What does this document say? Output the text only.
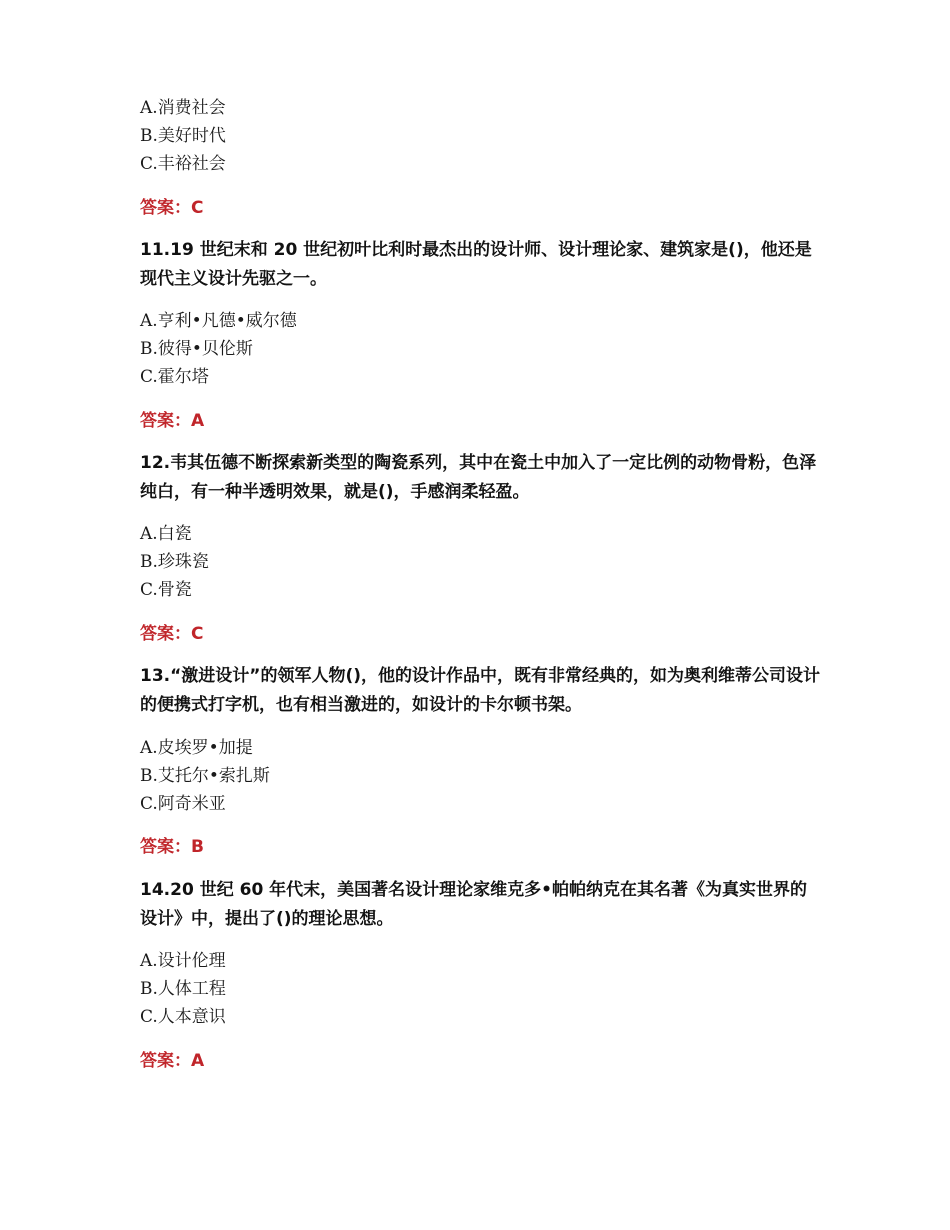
A.消费社会
B.美好时代
C.丰裕社会
答案：C
11.19 世纪末和 20 世纪初叶比利时最杰出的设计师、设计理论家、建筑家是()，他还是现代主义设计先驱之一。
A.亨利•凡德•威尔德
B.彼得•贝伦斯
C.霍尔塔
答案：A
12.韦其伍德不断探索新类型的陶瓷系列，其中在瓷土中加入了一定比例的动物骨粉，色泽纯白，有一种半透明效果，就是()，手感润柔轻盈。
A.白瓷
B.珍珠瓷
C.骨瓷
答案：C
13.“激进设计”的领军人物()，他的设计作品中，既有非常经典的，如为奥利维蒂公司设计的便携式打字机，也有相当激进的，如设计的卡尔顿书架。
A.皮埃罗•加提
B.艾托尔•索扎斯
C.阿奇米亚
答案：B
14.20 世纪 60 年代末，美国著名设计理论家维克多•帕帕纳克在其名著《为真实世界的设计》中，提出了()的理论思想。
A.设计伦理
B.人体工程
C.人本意识
答案：A
